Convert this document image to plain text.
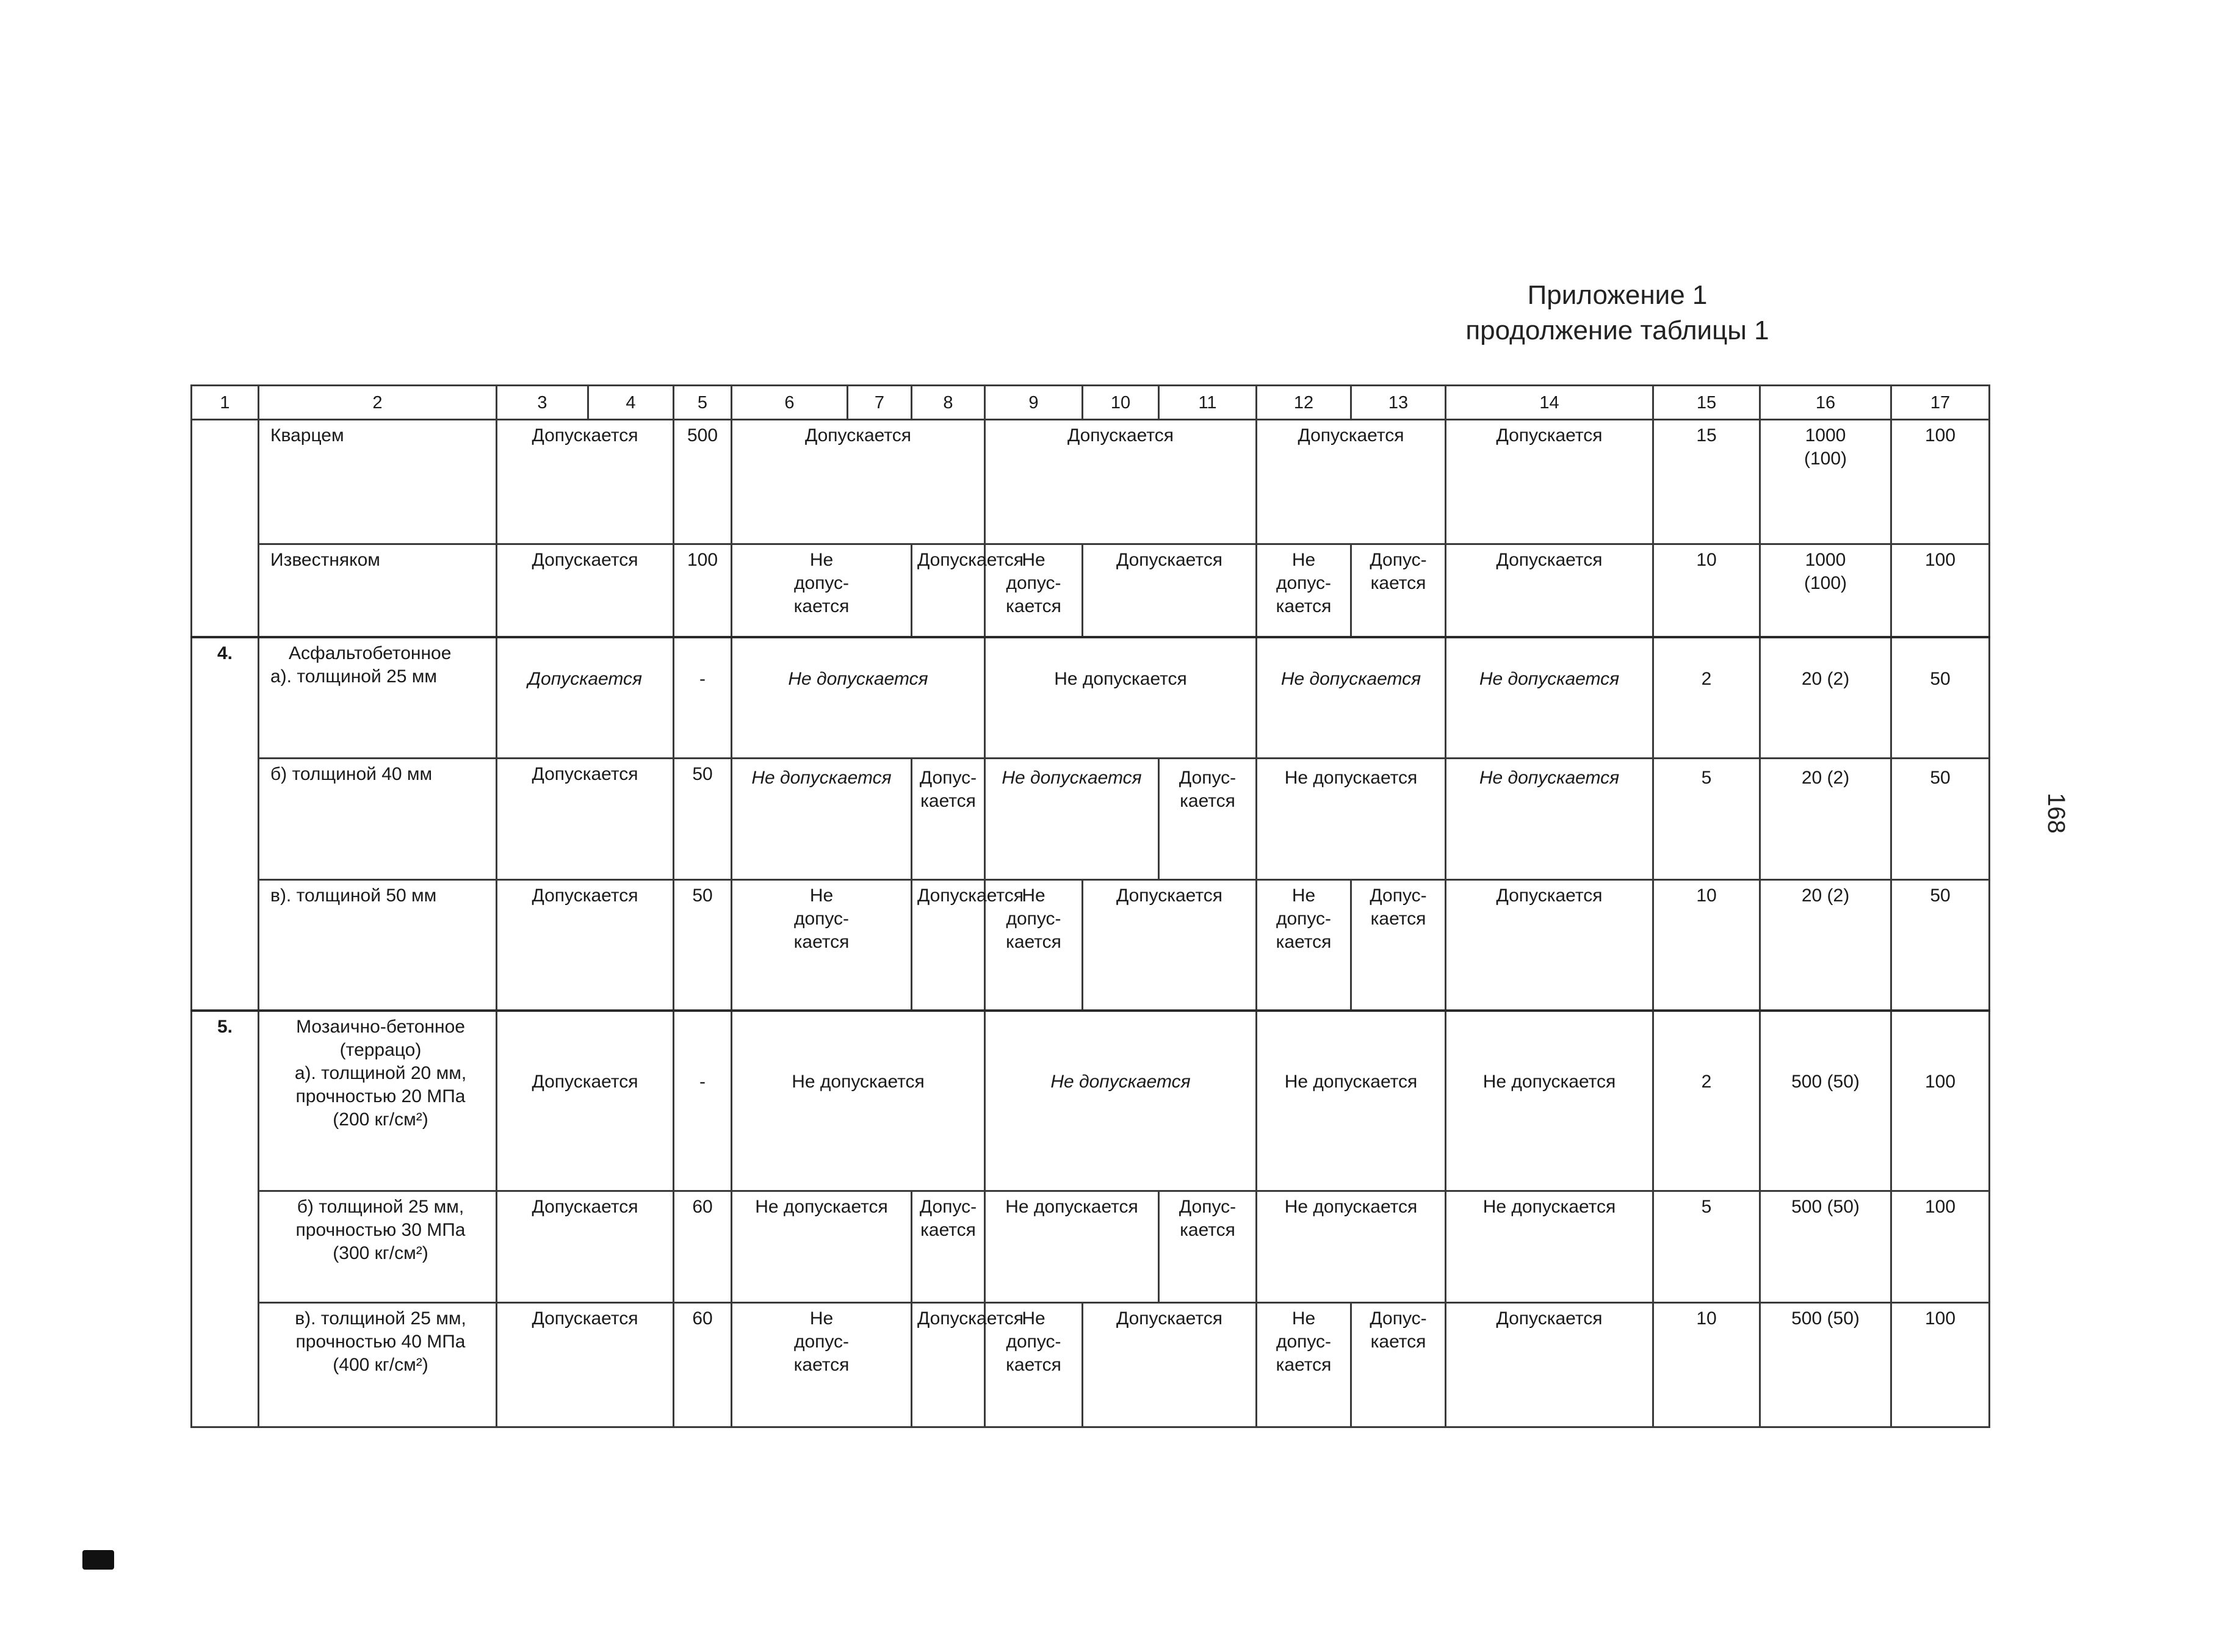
Приложение 1
продолжение таблицы 1
1	2	3	4	5	6	7	8	9	10	11	12	13	14	15	16	17
	Кварцем	Допускается		500	Допускается			Допускается			Допускается		Допускается	15	1000
(100)	100
	Известняком	Допускается		100	Не
допус-
кается		Допускается	Не
допус-
кается	Допускается		Не
допус-
кается	Допус-
кается	Допускается	10	1000
(100)	100
4.	Асфальтобетонное
а). толщиной 25 мм	Допускается		-	Не допускается			Не допускается			Не допускается		Не допускается	2	20 (2)	50
	б) толщиной 40 мм	Допускается		50	Не допускается		Допус-
кается	Не допускается		Допус-
кается	Не допускается		Не допускается	5	20 (2)	50
	в). толщиной 50 мм	Допускается		50	Не
допус-
кается		Допускается	Не
допус-
кается	Допускается		Не
допус-
кается	Допус-
кается	Допускается	10	20 (2)	50
5.	Мозаично-бетонное
(террацо)
а). толщиной 20 мм,
прочностью 20 МПа
(200 кг/см²)	Допускается		-	Не допускается			Не допускается			Не допускается		Не допускается	2	500 (50)	100

	б) толщиной 25 мм,
прочностью 30 МПа
(300 кг/см²)	Допускается		60	Не допускается		Допус-
кается	Не допускается		Допус-
кается	Не допускается		Не допускается	5	500 (50)	100

	в). толщиной 25 мм,
прочностью 40 МПа
(400 кг/см²)	Допускается		60	Не
допус-
кается		Допускается	Не
допус-
кается	Допускается		Не
допус-
кается	Допус-
кается	Допускается	10	500 (50)	100
168
